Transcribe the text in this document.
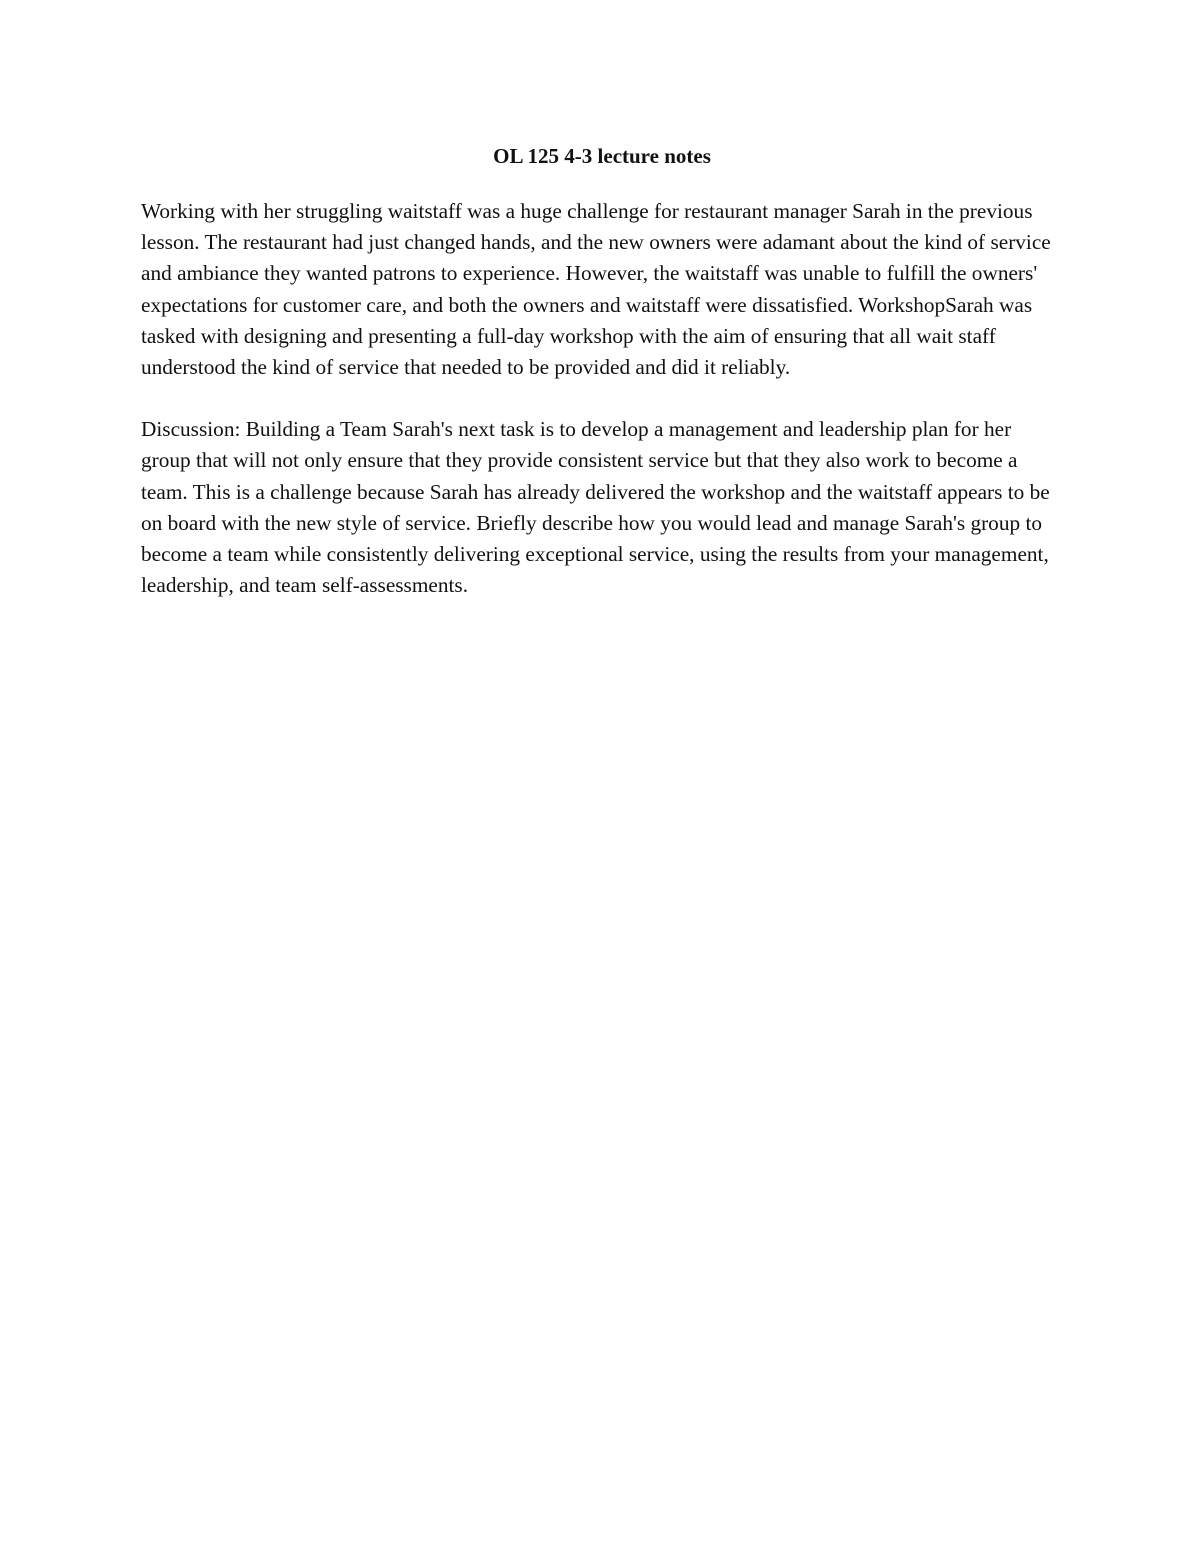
OL 125 4-3 lecture notes

Working with her struggling waitstaff was a huge challenge for restaurant manager Sarah in the previous lesson. The restaurant had just changed hands, and the new owners were adamant about the kind of service and ambiance they wanted patrons to experience. However, the waitstaff was unable to fulfill the owners' expectations for customer care, and both the owners and waitstaff were dissatisfied. WorkshopSarah was tasked with designing and presenting a full-day workshop with the aim of ensuring that all wait staff understood the kind of service that needed to be provided and did it reliably.

Discussion: Building a Team Sarah's next task is to develop a management and leadership plan for her group that will not only ensure that they provide consistent service but that they also work to become a team. This is a challenge because Sarah has already delivered the workshop and the waitstaff appears to be on board with the new style of service. Briefly describe how you would lead and manage Sarah's group to become a team while consistently delivering exceptional service, using the results from your management, leadership, and team self-assessments.
